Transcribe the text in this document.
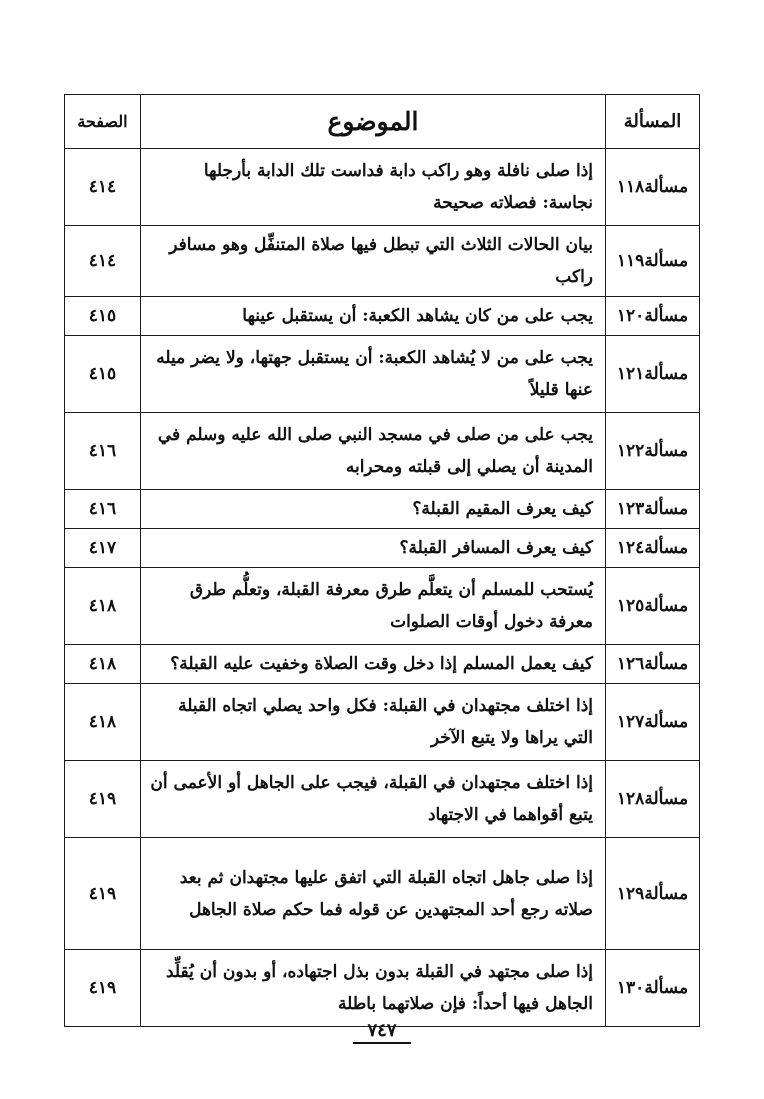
المسألة	الموضوع	الصفحة
مسألة١١٨	إذا صلى نافلة وهو راكب دابة فداست تلك الدابة بأرجلها نجاسة: فصلاته صحيحة	٤١٤
مسألة١١٩	بيان الحالات الثلاث التي تبطل فيها صلاة المتنفِّل وهو مسافر راكب	٤١٤
مسألة١٢٠	يجب على من كان يشاهد الكعبة: أن يستقبل عينها	٤١٥
مسألة١٢١	يجب على من لا يُشاهد الكعبة: أن يستقبل جهتها، ولا يضر ميله عنها قليلاً	٤١٥
مسألة١٢٢	يجب على من صلى في مسجد النبي صلى الله عليه وسلم في المدينة أن يصلي إلى قبلته ومحرابه	٤١٦
مسألة١٢٣	كيف يعرف المقيم القبلة؟	٤١٦
مسألة١٢٤	كيف يعرف المسافر القبلة؟	٤١٧
مسألة١٢٥	يُستحب للمسلم أن يتعلَّم طرق معرفة القبلة، وتعلُّم طرق معرفة دخول أوقات الصلوات	٤١٨
مسألة١٢٦	كيف يعمل المسلم إذا دخل وقت الصلاة وخفيت عليه القبلة؟	٤١٨
مسألة١٢٧	إذا اختلف مجتهدان في القبلة: فكل واحد يصلي اتجاه القبلة التي يراها ولا يتبع الآخر	٤١٨
مسألة١٢٨	إذا اختلف مجتهدان في القبلة، فيجب على الجاهل أو الأعمى أن يتبع أقواهما في الاجتهاد	٤١٩
مسألة١٢٩	إذا صلى جاهل اتجاه القبلة التي اتفق عليها مجتهدان ثم بعد صلاته رجع أحد المجتهدين عن قوله فما حكم صلاة الجاهل	٤١٩
مسألة١٣٠	إذا صلى مجتهد في القبلة بدون بذل اجتهاده، أو بدون أن يُقلِّد الجاهل فيها أحداً: فإن صلاتهما باطلة	٤١٩
٧٤٧
